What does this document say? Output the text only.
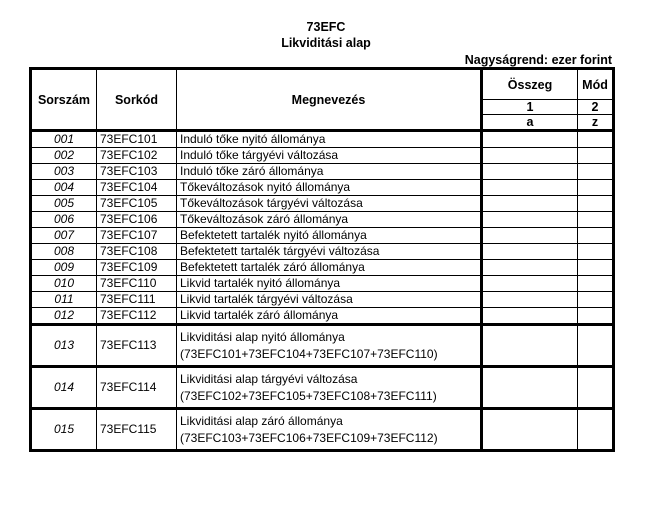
73EFC
Likviditási alap
Nagyságrend: ezer forint
Sorszám	Sorkód	Megnevezés	Összeg	Mód
			1	2
			a	z
001	73EFC101	Induló tőke nyitó állománya		
002	73EFC102	Induló tőke tárgyévi változása		
003	73EFC103	Induló tőke záró állománya		
004	73EFC104	Tőkeváltozások nyitó állománya		
005	73EFC105	Tőkeváltozások tárgyévi változása		
006	73EFC106	Tőkeváltozások záró állománya		
007	73EFC107	Befektetett tartalék nyitó állománya		
008	73EFC108	Befektetett tartalék tárgyévi változása		
009	73EFC109	Befektetett tartalék záró állománya		
010	73EFC110	Likvid tartalék nyitó állománya		
011	73EFC111	Likvid tartalék tárgyévi változása		
012	73EFC112	Likvid tartalék záró állománya		
013	73EFC113	Likviditási alap nyitó állománya
(73EFC101+73EFC104+73EFC107+73EFC110)		
014	73EFC114	Likviditási alap tárgyévi változása
(73EFC102+73EFC105+73EFC108+73EFC111)		
015	73EFC115	Likviditási alap záró állománya
(73EFC103+73EFC106+73EFC109+73EFC112)		
